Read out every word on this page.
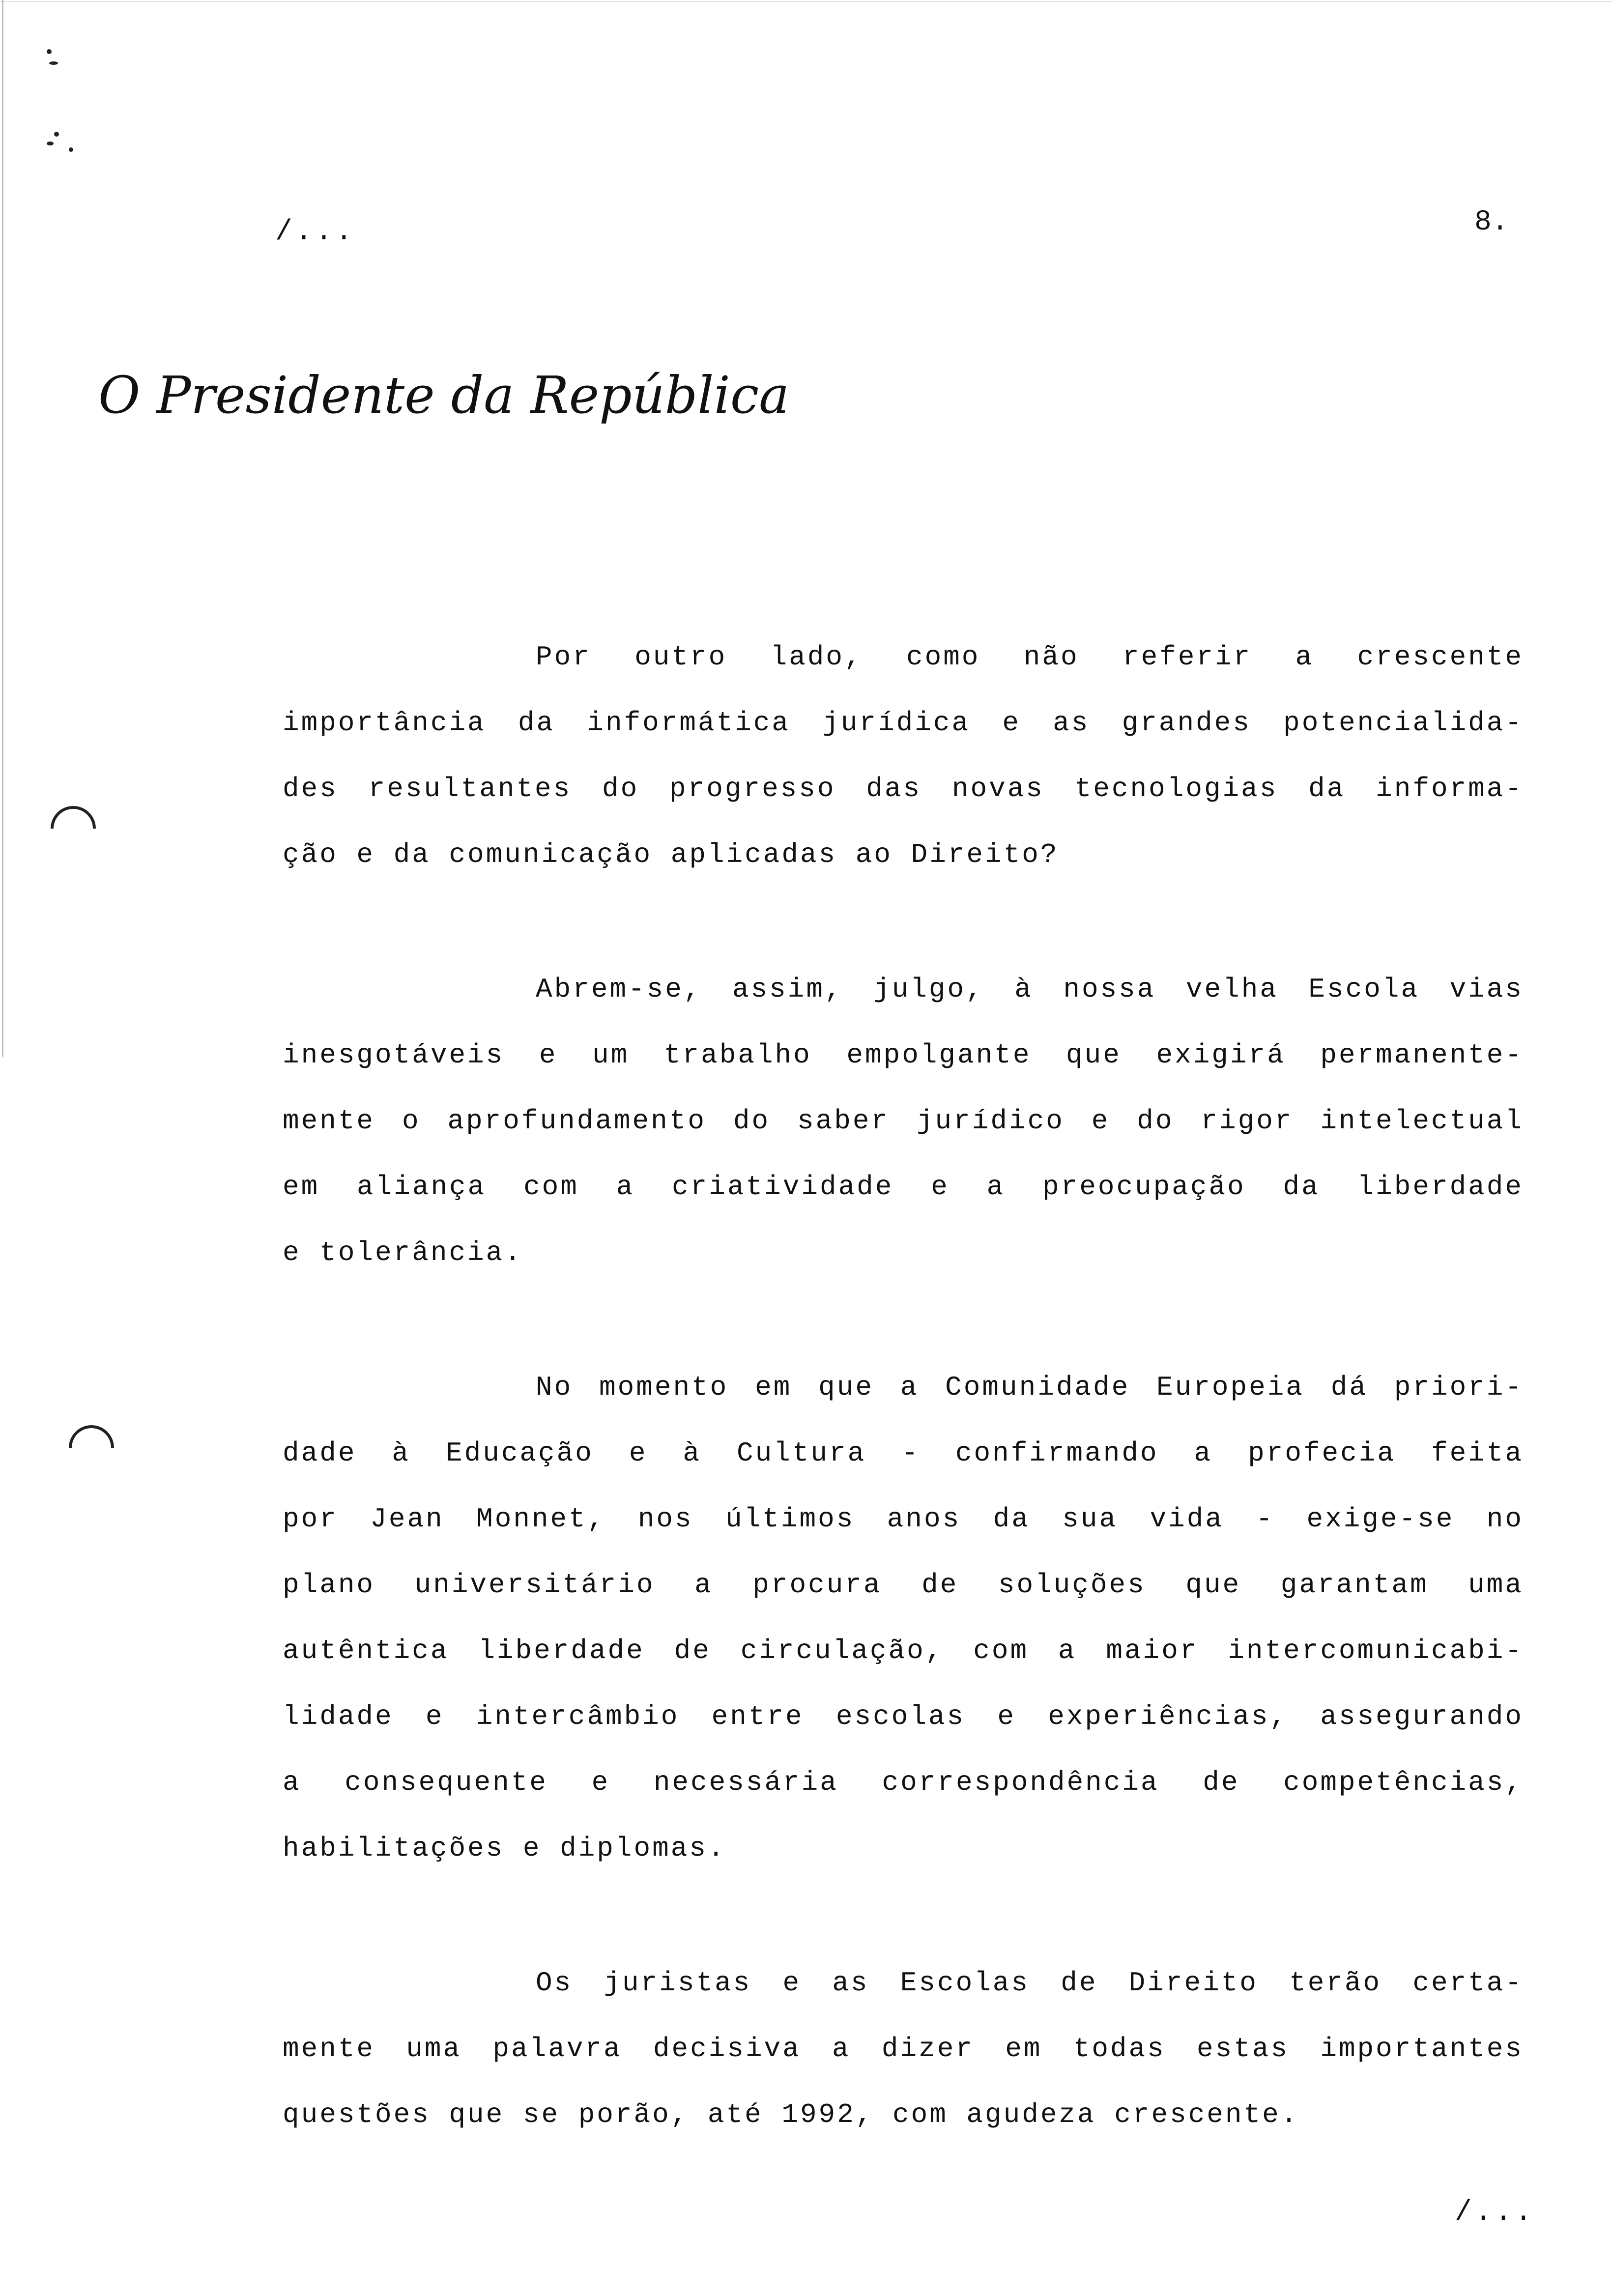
/...	8.
O Presidente da República
Por outro lado, como não referir a crescente
importância da informática jurídica e as grandes potencialida-
des resultantes do progresso das novas tecnologias da informa-
ção e da comunicação aplicadas ao Direito?
Abrem-se, assim, julgo, à nossa velha Escola vias
inesgotáveis e um trabalho empolgante que exigirá permanente-
mente o aprofundamento do saber jurídico e do rigor intelectual
em aliança com a criatividade e a preocupação da liberdade
e tolerância.
No momento em que a Comunidade Europeia dá priori-
dade à Educação e à Cultura - confirmando a profecia feita
por Jean Monnet, nos últimos anos da sua vida - exige-se no
plano universitário a procura de soluções que garantam uma
autêntica liberdade de circulação, com a maior intercomunicabi-
lidade e intercâmbio entre escolas e experiências, assegurando
a consequente e necessária correspondência de competências,
habilitações e diplomas.
Os juristas e as Escolas de Direito terão certa-
mente uma palavra decisiva a dizer em todas estas importantes
questões que se porão, até 1992, com agudeza crescente.
/...
